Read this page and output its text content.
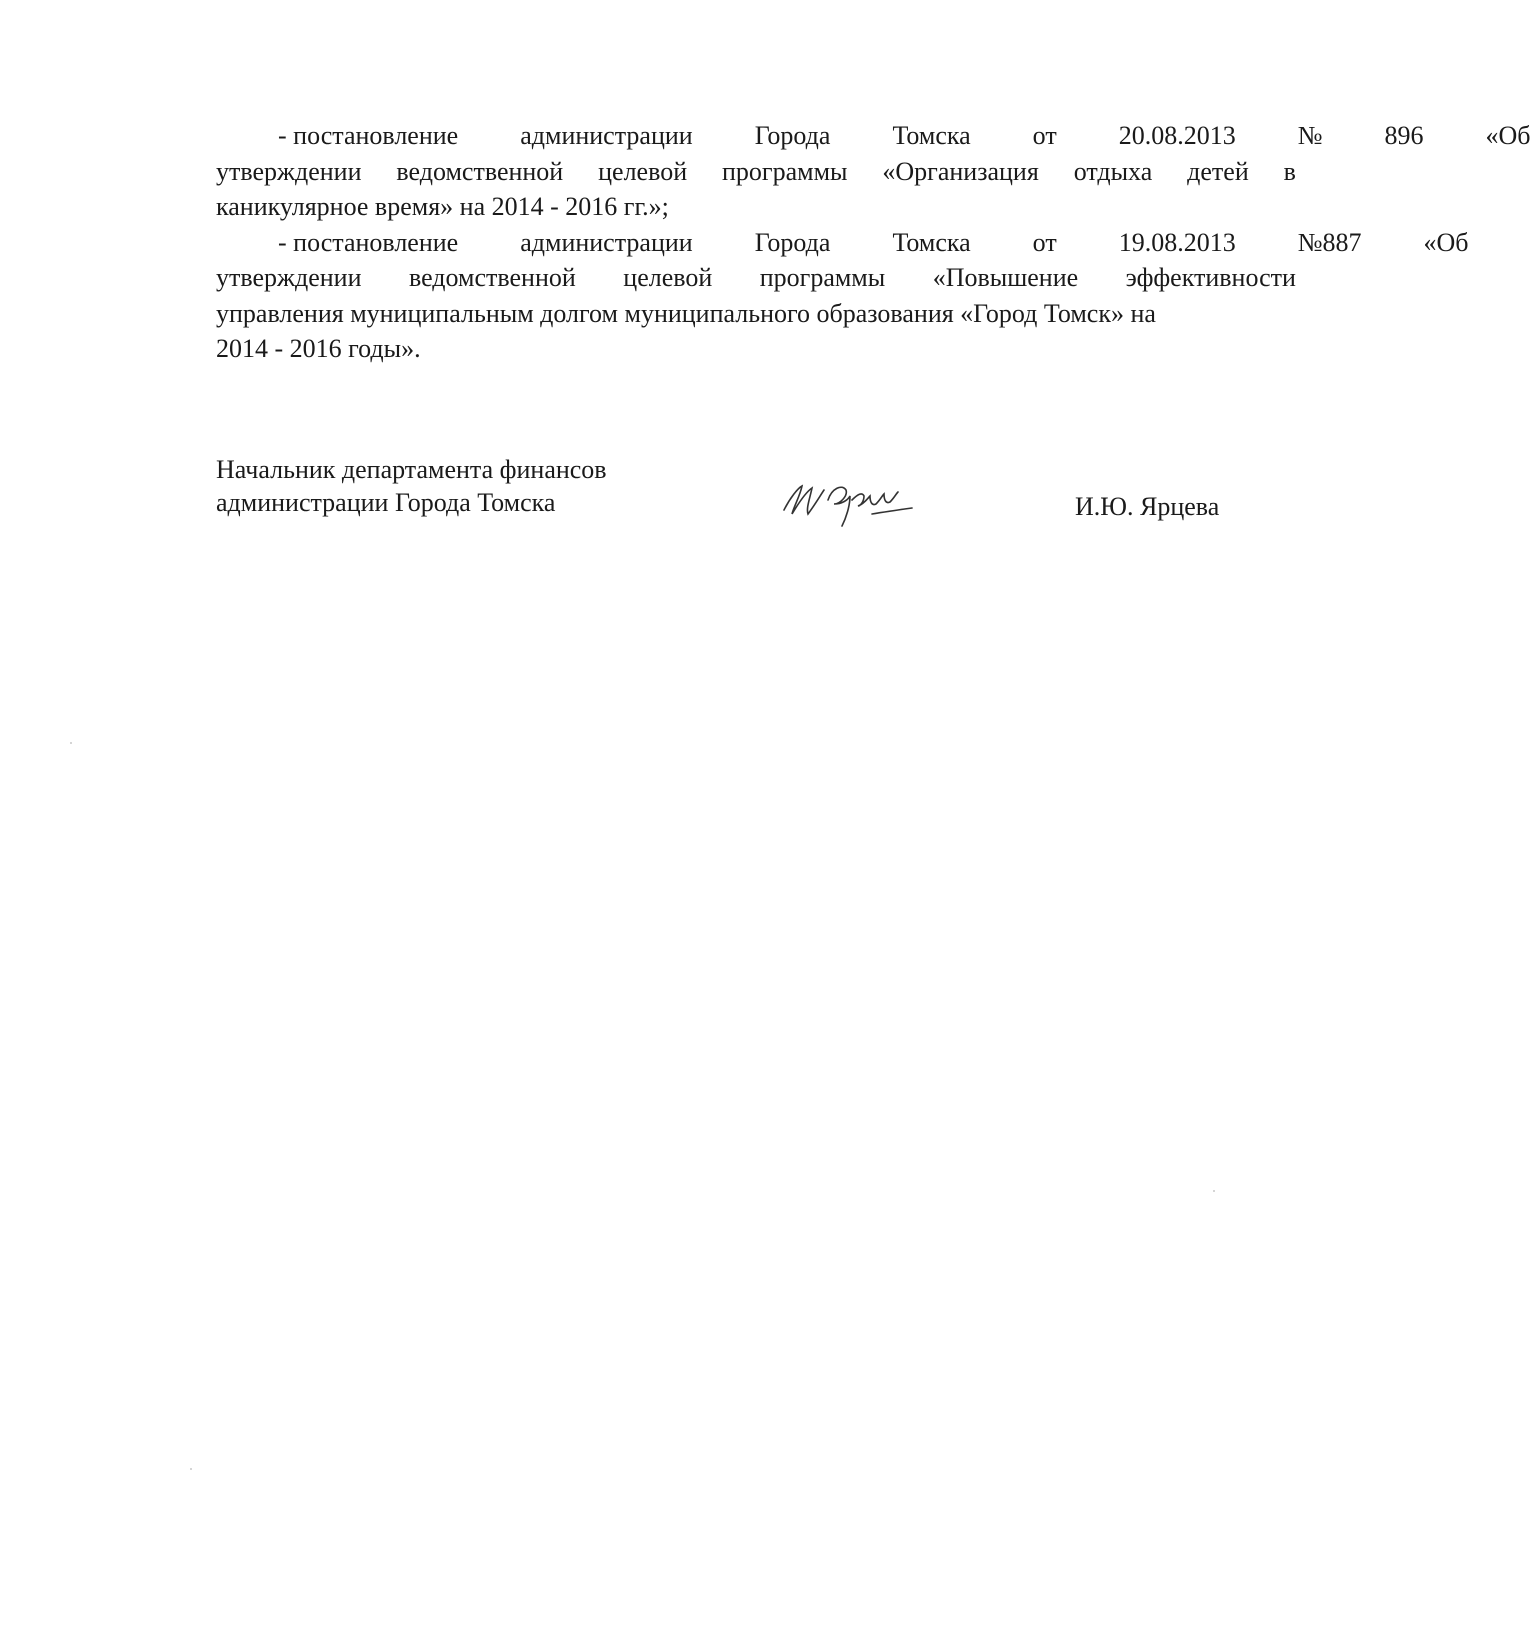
- постановление	администрации	Города	Томска	от	20.08.2013	№	896	«Об
утверждении ведомственной целевой программы «Организация отдыха детей в
каникулярное время» на 2014 - 2016 гг.»;

- постановление	администрации	Города	Томска	от	19.08.2013	№887	«Об
утверждении ведомственной целевой программы «Повышение эффективности
управления муниципальным долгом муниципального образования «Город Томск» на
2014 - 2016 годы».

Начальник департамента финансов
администрации Города Томска	И.Ю. Ярцева
